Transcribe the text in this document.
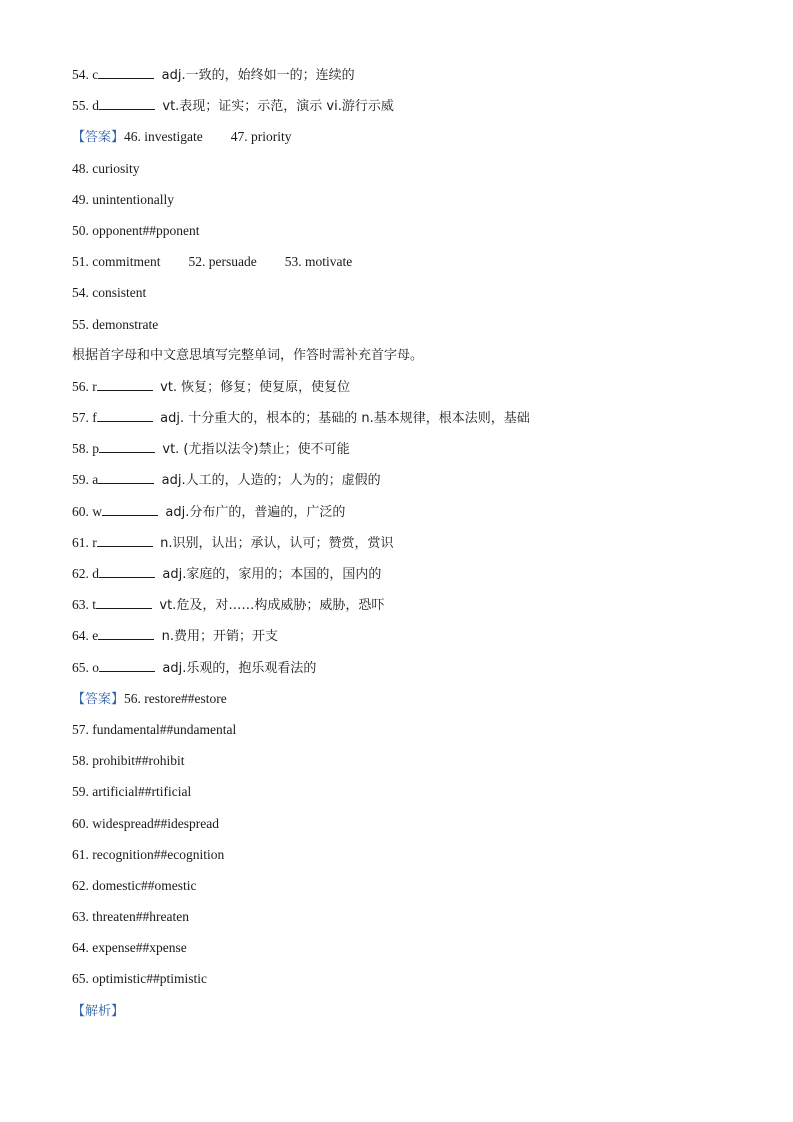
54. c	adj.一致的，始终如一的；连续的
55. d	vt.表现；证实；示范，演示 vi.游行示威
【答案】46. investigate 47. priority
48. curiosity
49. unintentionally
50. opponent##pponent
51. commitment 52. persuade 53. motivate
54. consistent
55. demonstrate
根据首字母和中文意思填写完整单词，作答时需补充首字母。
56. r	vt. 恢复；修复；使复原，使复位
57. f	adj. 十分重大的，根本的；基础的 n.基本规律，根本法则，基础
58. p	vt. (尤指以法令)禁止；使不可能
59. a	adj.人工的，人造的；人为的；虚假的
60. w	adj.分布广的，普遍的，广泛的
61. r	n.识别，认出；承认，认可；赞赏，赏识
62. d	adj.家庭的，家用的；本国的，国内的
63. t	vt.危及，对……构成威胁；威胁，恐吓
64. e	n.费用；开销；开支
65. o	adj.乐观的，抱乐观看法的
【答案】56. restore##estore
57. fundamental##undamental
58. prohibit##rohibit
59. artificial##rtificial
60. widespread##idespread
61. recognition##ecognition
62. domestic##omestic
63. threaten##hreaten
64. expense##xpense
65. optimistic##ptimistic
【解析】
